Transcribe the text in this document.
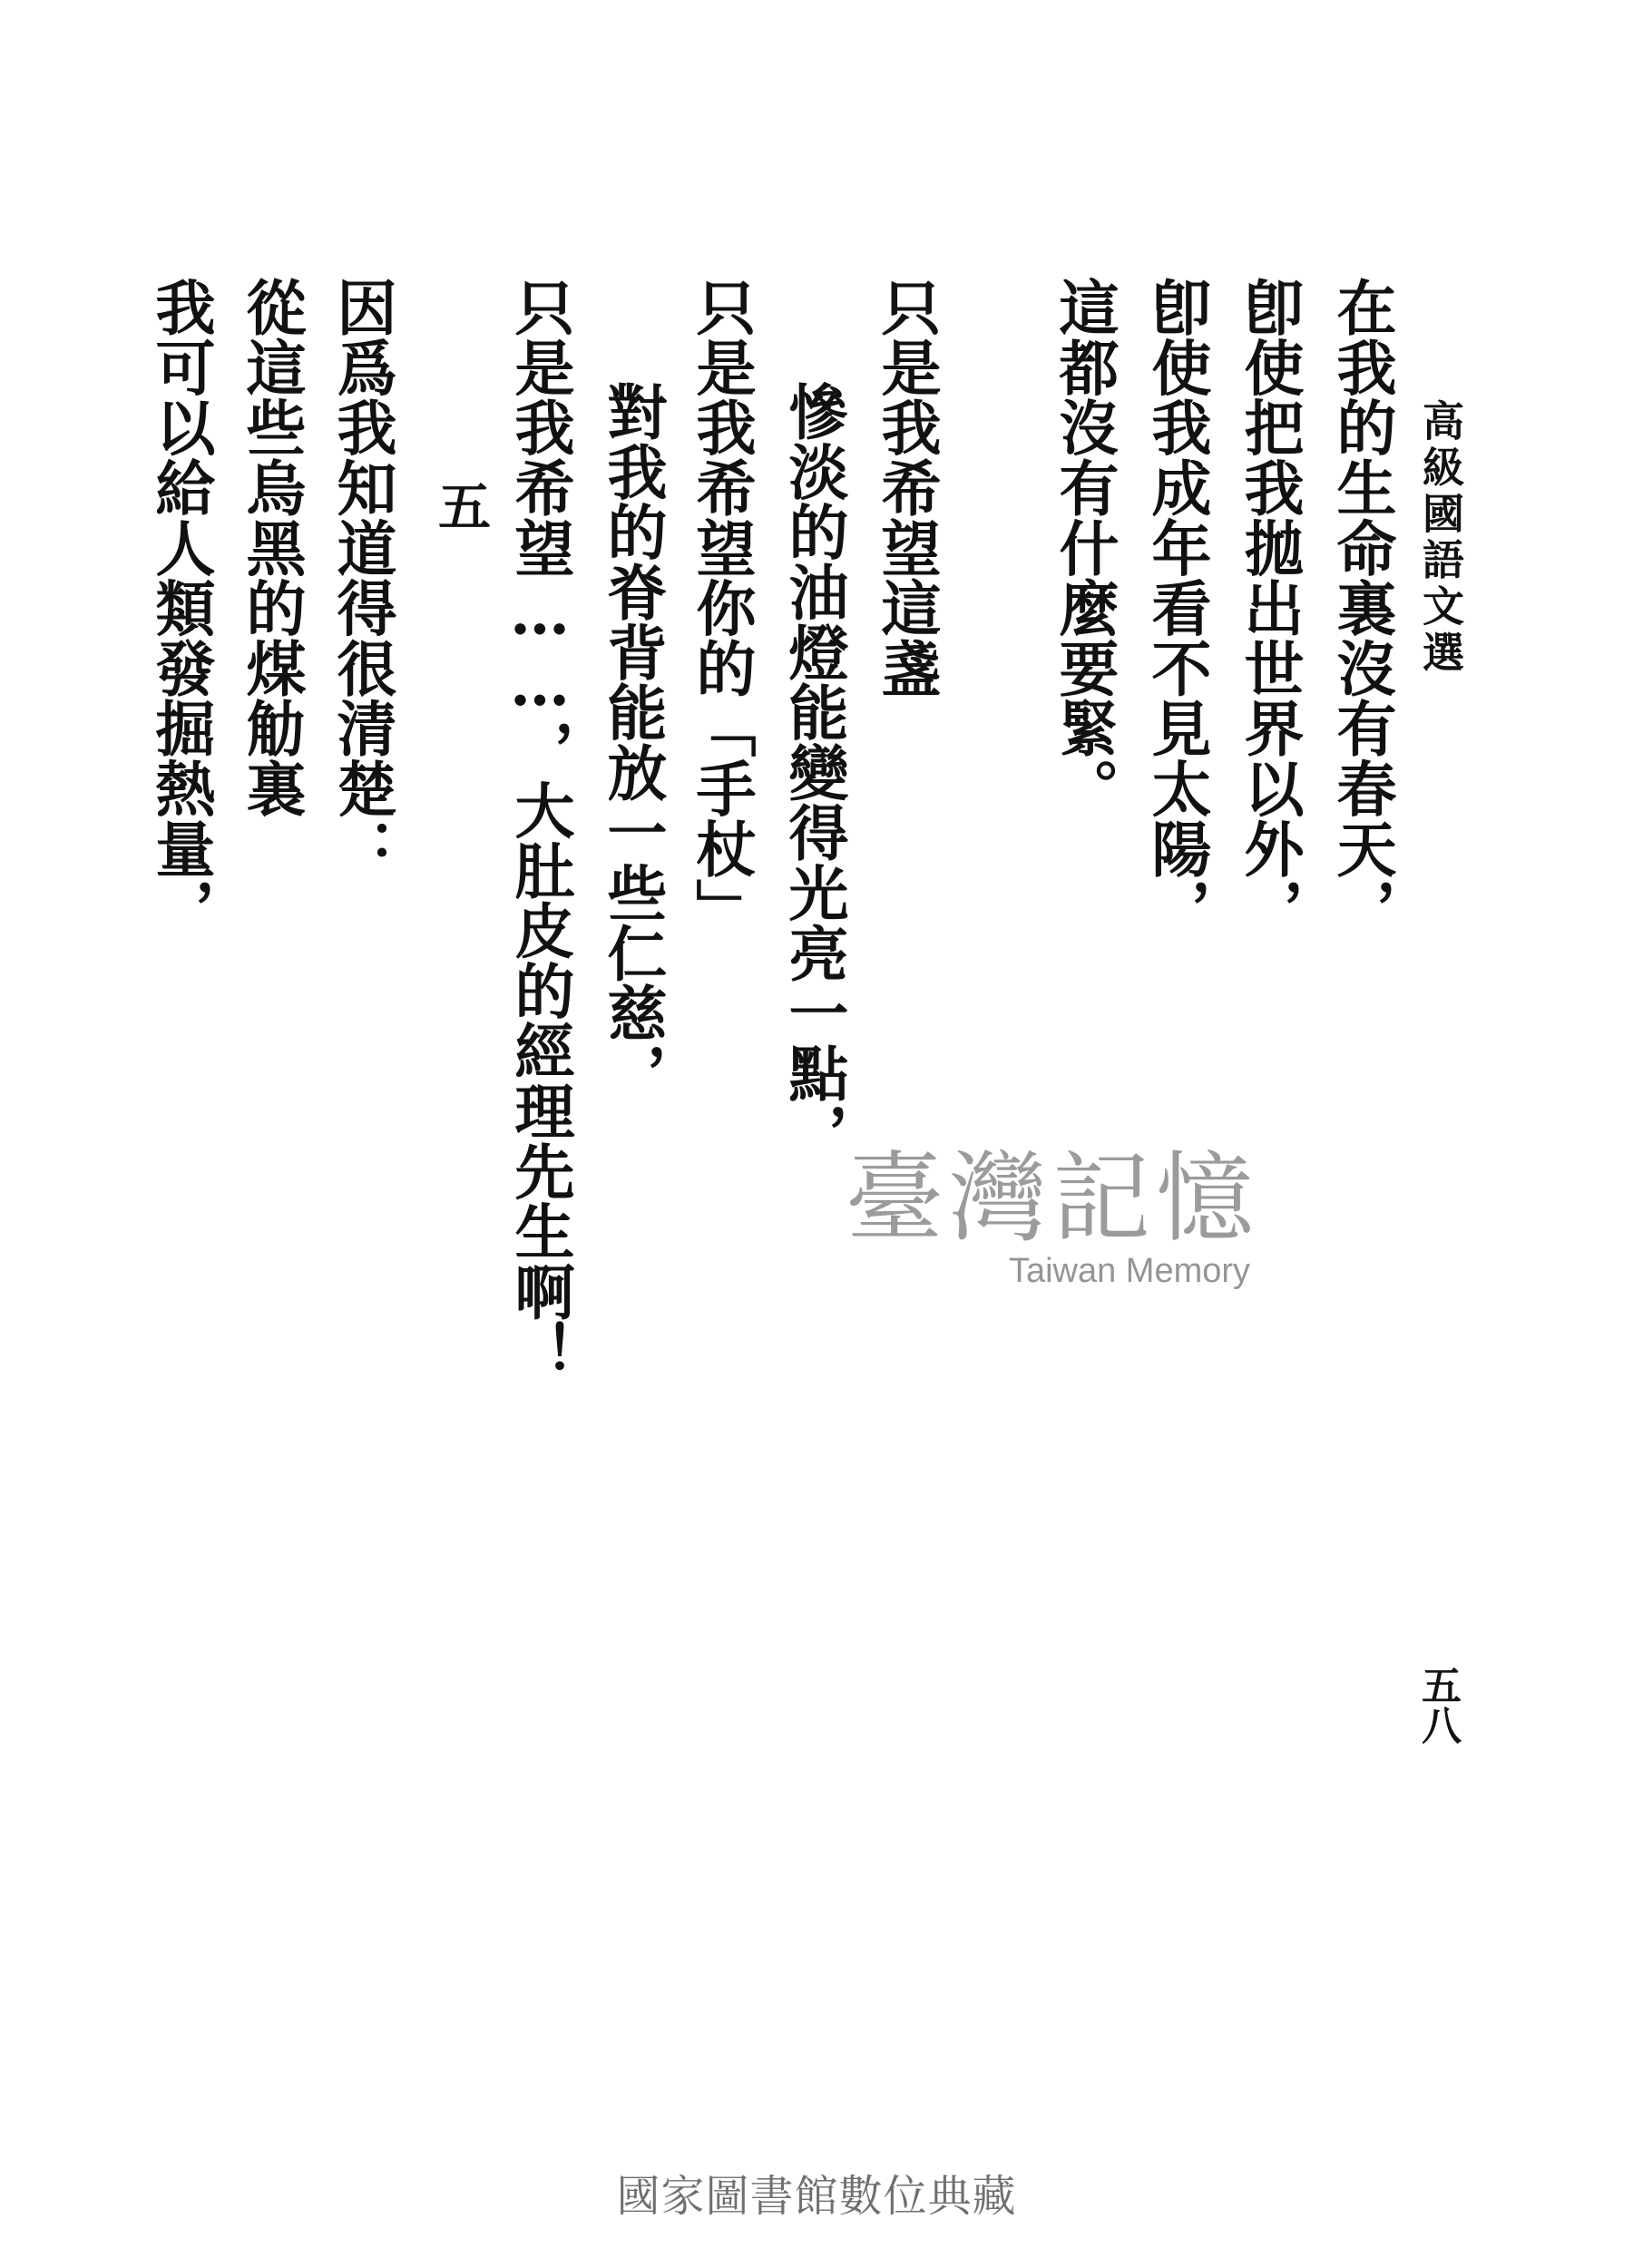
高級國語文選
在我的生命裏沒有春天，
卽使把我拋出世界以外，
卽使我成年看不見太陽，
這都沒有什麼要緊。
只是我希望這盞
慘淡的油燈能變得光亮一點，
只是我希望你的「手杖」
對我的脊背能放一些仁慈，
只是我希望……，大肚皮的經理先生啊！
五
因爲我知道得很清楚：
從這些烏黑的煤觔裏
我可以給人類發掘熱量，
五八
臺灣記憶
Taiwan Memory
國家圖書館數位典藏
